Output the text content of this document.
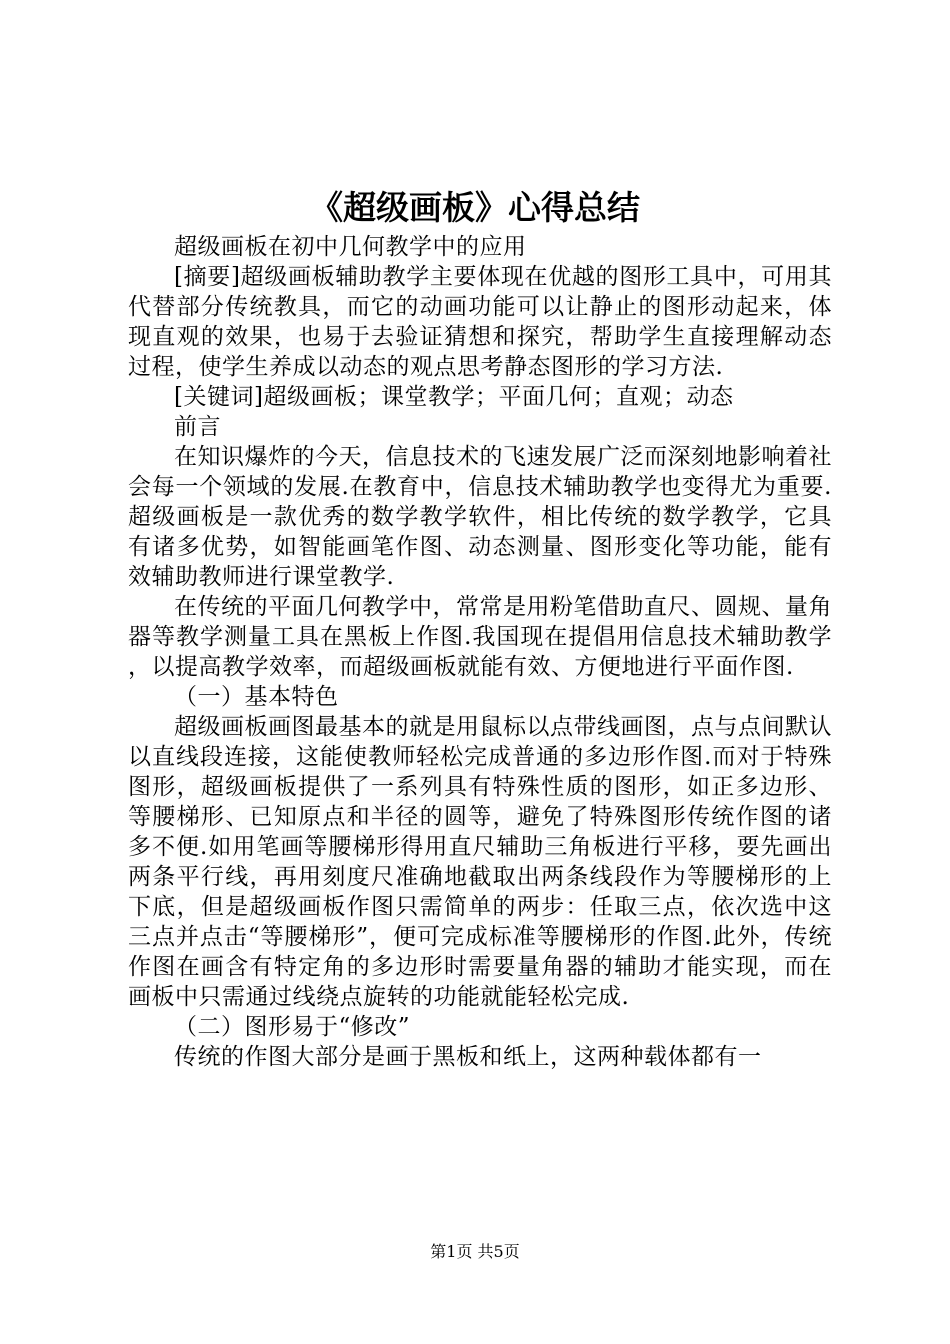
《超级画板》心得总结

超级画板在初中几何教学中的应用

[摘要]超级画板辅助教学主要体现在优越的图形工具中，可用其代替部分传统教具，而它的动画功能可以让静止的图形动起来，体现直观的效果，也易于去验证猜想和探究，帮助学生直接理解动态过程，使学生养成以动态的观点思考静态图形的学习方法.

[关键词]超级画板；课堂教学；平面几何；直观；动态

前言

在知识爆炸的今天，信息技术的飞速发展广泛而深刻地影响着社会每一个领域的发展.在教育中，信息技术辅助教学也变得尤为重要.超级画板是一款优秀的数学教学软件，相比传统的数学教学，它具有诸多优势，如智能画笔作图、动态测量、图形变化等功能，能有效辅助教师进行课堂教学.

在传统的平面几何教学中，常常是用粉笔借助直尺、圆规、量角器等教学测量工具在黑板上作图.我国现在提倡用信息技术辅助教学，以提高教学效率，而超级画板就能有效、方便地进行平面作图.

（一）基本特色

超级画板画图最基本的就是用鼠标以点带线画图，点与点间默认以直线段连接，这能使教师轻松完成普通的多边形作图.而对于特殊图形，超级画板提供了一系列具有特殊性质的图形，如正多边形、等腰梯形、已知原点和半径的圆等，避免了特殊图形传统作图的诸多不便.如用笔画等腰梯形得用直尺辅助三角板进行平移，要先画出两条平行线，再用刻度尺准确地截取出两条线段作为等腰梯形的上下底，但是超级画板作图只需简单的两步：任取三点，依次选中这三点并点击“等腰梯形”，便可完成标准等腰梯形的作图.此外，传统作图在画含有特定角的多边形时需要量角器的辅助才能实现，而在画板中只需通过线绕点旋转的功能就能轻松完成.

（二）图形易于“修改”

传统的作图大部分是画于黑板和纸上，这两种载体都有一

第1页 共5页
